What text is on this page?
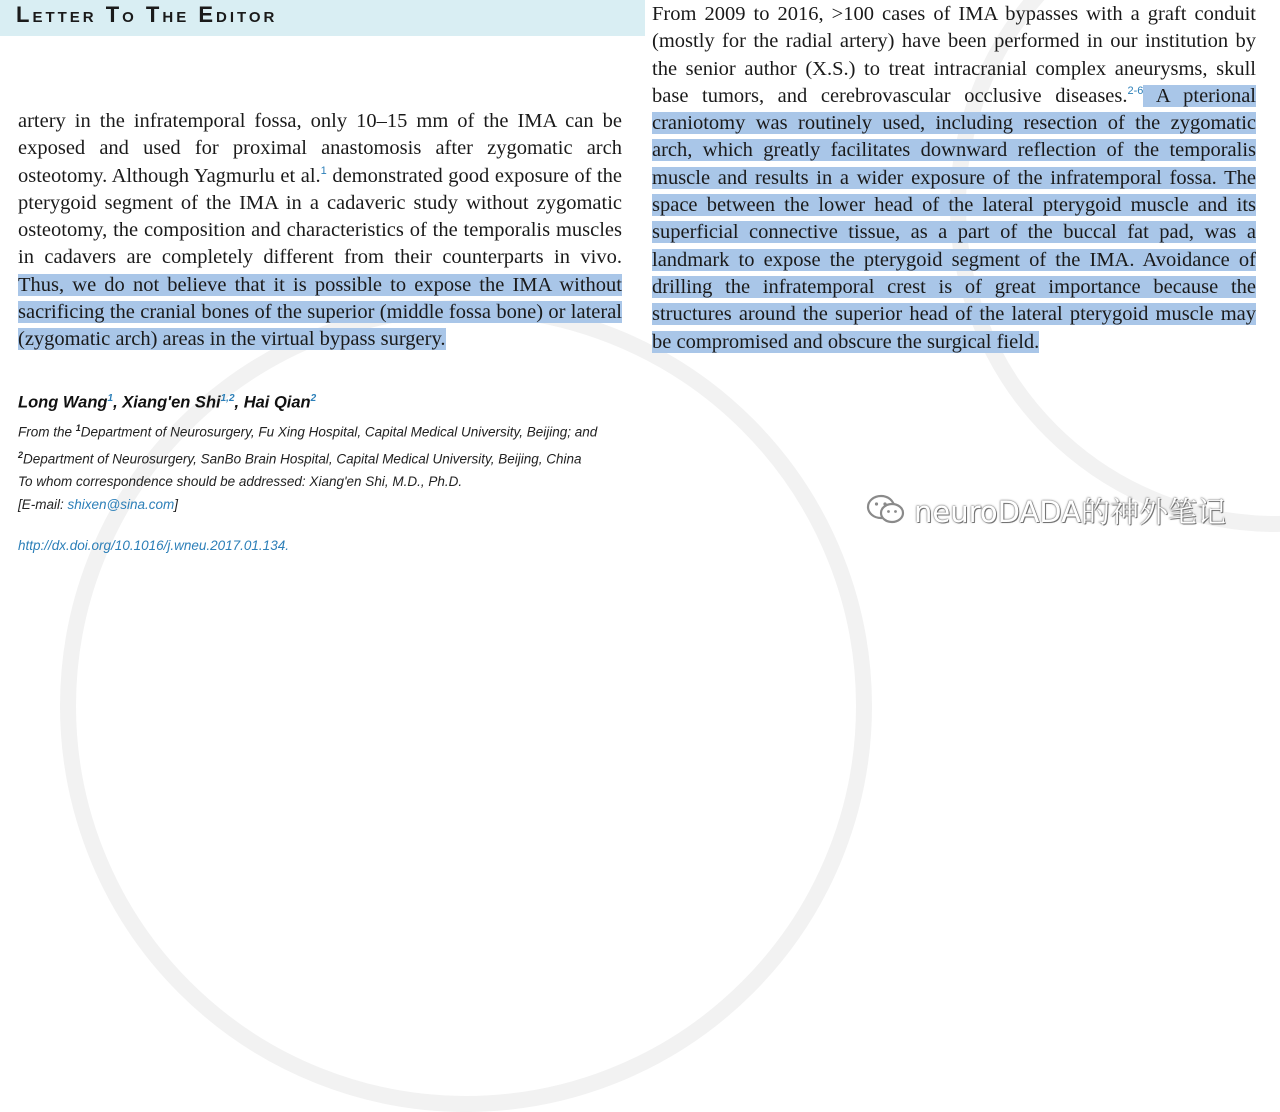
Letter To The Editor

artery in the infratemporal fossa, only 10–15 mm of the IMA can be exposed and used for proximal anastomosis after zygomatic arch osteotomy. Although Yagmurlu et al.$^1$ demonstrated good exposure of the pterygoid segment of the IMA in a cadaveric study without zygomatic osteotomy, the composition and characteristics of the temporalis muscles in cadavers are completely different from their counterparts in vivo. Thus, we do not believe that it is possible to expose the IMA without sacrificing the cranial bones of the superior (middle fossa bone) or lateral (zygomatic arch) areas in the virtual bypass surgery.

From 2009 to 2016, >100 cases of IMA bypasses with a graft conduit (mostly for the radial artery) have been performed in our institution by the senior author (X.S.) to treat intracranial complex aneurysms, skull base tumors, and cerebrovascular occlusive diseases.$^{2-6}$ A pterional craniotomy was routinely used, including resection of the zygomatic arch, which greatly facilitates downward reflection of the temporalis muscle and results in a wider exposure of the infratemporal fossa. The space between the lower head of the lateral pterygoid muscle and its superficial connective tissue, as a part of the buccal fat pad, was a landmark to expose the pterygoid segment of the IMA. Avoidance of drilling the infratemporal crest is of great importance because the structures around the superior head of the lateral pterygoid muscle may be compromised and obscure the surgical field.

Long Wang$^1$, Xiang'en Shi$^{1,2}$, Hai Qian$^2$
From the $^1$Department of Neurosurgery, Fu Xing Hospital, Capital Medical University, Beijing; and $^2$Department of Neurosurgery, SanBo Brain Hospital, Capital Medical University, Beijing, China
To whom correspondence should be addressed: Xiang'en Shi, M.D., Ph.D.
[E-mail: shixen@sina.com]
http://dx.doi.org/10.1016/j.wneu.2017.01.134.
neuroDADA的神外笔记
